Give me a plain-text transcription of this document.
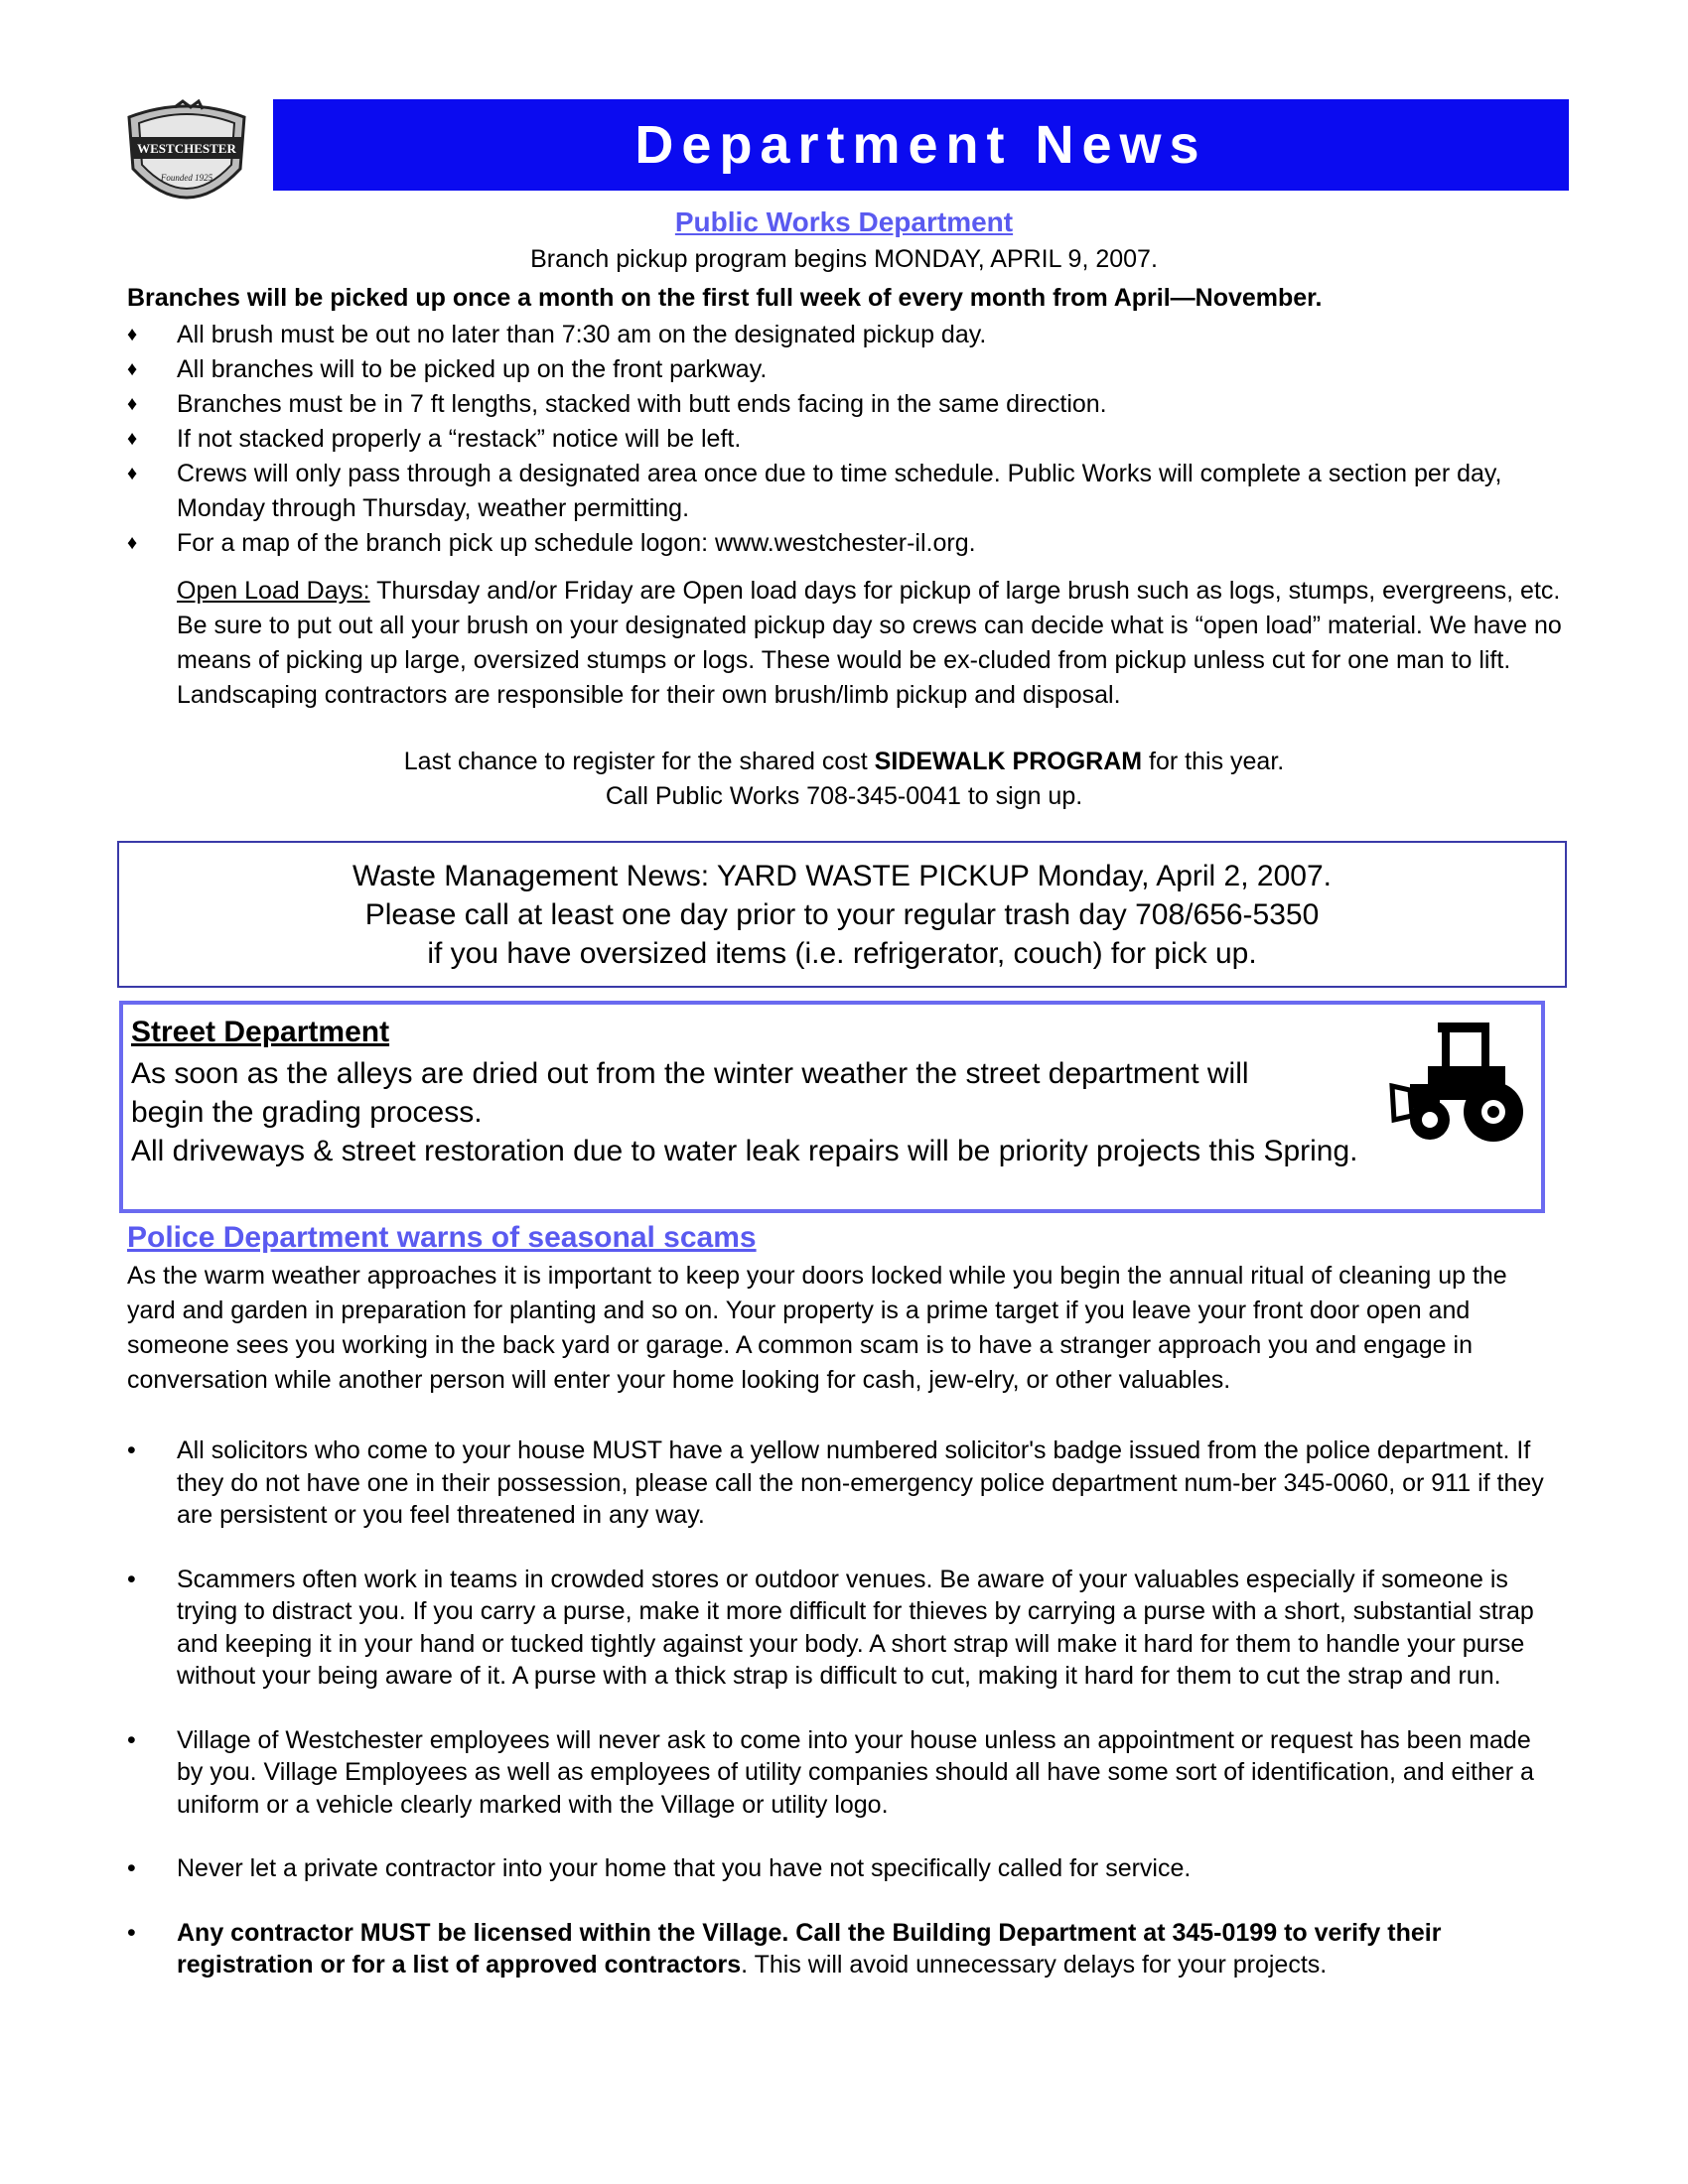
WESTCHESTER
Founded 1925
Department News
Public Works Department
Branch pickup program begins MONDAY, APRIL 9, 2007.
Branches will be picked up once a month on the first full week of every month from April—November.
♦ All brush must be out no later than 7:30 am on the designated pickup day.
♦ All branches will to be picked up on the front parkway.
♦ Branches must be in 7 ft lengths, stacked with butt ends facing in the same direction.
♦ If not stacked properly a “restack” notice will be left.
♦ Crews will only pass through a designated area once due to time schedule. Public Works will complete a section per day, Monday through Thursday, weather permitting.
♦ For a map of the branch pick up schedule logon: www.westchester-il.org.
Open Load Days: Thursday and/or Friday are Open load days for pickup of large brush such as logs, stumps, evergreens, etc. Be sure to put out all your brush on your designated pickup day so crews can decide what is “open load” material. We have no means of picking up large, oversized stumps or logs. These would be ex-cluded from pickup unless cut for one man to lift. Landscaping contractors are responsible for their own brush/limb pickup and disposal.
Last chance to register for the shared cost SIDEWALK PROGRAM for this year.
Call Public Works 708-345-0041 to sign up.
Waste Management News: YARD WASTE PICKUP Monday, April 2, 2007.
Please call at least one day prior to your regular trash day 708/656-5350
if you have oversized items (i.e. refrigerator, couch) for pick up.
Street Department
As soon as the alleys are dried out from the winter weather the street department will begin the grading process.
All driveways & street restoration due to water leak repairs will be priority projects this Spring.
Police Department warns of seasonal scams
As the warm weather approaches it is important to keep your doors locked while you begin the annual ritual of cleaning up the yard and garden in preparation for planting and so on. Your property is a prime target if you leave your front door open and someone sees you working in the back yard or garage. A common scam is to have a stranger approach you and engage in conversation while another person will enter your home looking for cash, jew-elry, or other valuables.
• All solicitors who come to your house MUST have a yellow numbered solicitor's badge issued from the police department. If they do not have one in their possession, please call the non-emergency police department num-ber 345-0060, or 911 if they are persistent or you feel threatened in any way.
• Scammers often work in teams in crowded stores or outdoor venues. Be aware of your valuables especially if someone is trying to distract you. If you carry a purse, make it more difficult for thieves by carrying a purse with a short, substantial strap and keeping it in your hand or tucked tightly against your body. A short strap will make it hard for them to handle your purse without your being aware of it. A purse with a thick strap is difficult to cut, making it hard for them to cut the strap and run.
• Village of Westchester employees will never ask to come into your house unless an appointment or request has been made by you. Village Employees as well as employees of utility companies should all have some sort of identification, and either a uniform or a vehicle clearly marked with the Village or utility logo.
• Never let a private contractor into your home that you have not specifically called for service.
• Any contractor MUST be licensed within the Village. Call the Building Department at 345-0199 to verify their registration or for a list of approved contractors. This will avoid unnecessary delays for your projects.
